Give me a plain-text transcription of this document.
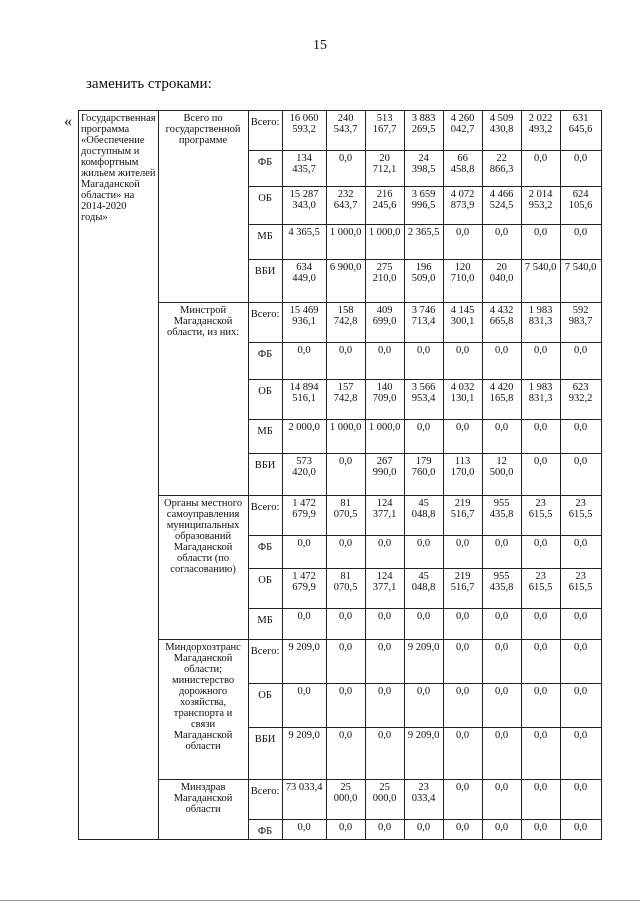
15
заменить строками:
« Государственная программа «Обеспечение доступным и комфортным жильем жителей Магаданской области» на 2014-2020 годы»	Всего по государственной программе	Всего:	16 060 593,2	240 543,7	513 167,7	3 883 269,5	4 260 042,7	4 509 430,8	2 022 493,2	631 645,6

		ФБ	134 435,7	0,0	20 712,1	24 398,5	66 458,8	22 866,3	0,0	0,0

		ОБ	15 287 343,0	232 643,7	216 245,6	3 659 996,5	4 072 873,9	4 466 524,5	2 014 953,2	624 105,6

		МБ	4 365,5	1 000,0	1 000,0	2 365,5	0,0	0,0	0,0	0,0

		ВБИ	634 449,0	6 900,0	275 210,0	196 509,0	120 710,0	20 040,0	7 540,0	7 540,0

	Минстрой Магаданской области, из них:	Всего:	15 469 936,1	158 742,8	409 699,0	3 746 713,4	4 145 300,1	4 432 665,8	1 983 831,3	592 983,7

		ФБ	0,0	0,0	0,0	0,0	0,0	0,0	0,0	0,0

		ОБ	14 894 516,1	157 742,8	140 709,0	3 566 953,4	4 032 130,1	4 420 165,8	1 983 831,3	623 932,2

		МБ	2 000,0	1 000,0	1 000,0	0,0	0,0	0,0	0,0	0,0

		ВБИ	573 420,0	0,0	267 990,0	179 760,0	113 170,0	12 500,0	0,0	0,0

	Органы местного самоуправления муниципальных образований Магаданской области (по согласованию)	Всего:	1 472 679,9	81 070,5	124 377,1	45 048,8	219 516,7	955 435,8	23 615,5	23 615,5

		ФБ	0,0	0,0	0,0	0,0	0,0	0,0	0,0	0,0

		ОБ	1 472 679,9	81 070,5	124 377,1	45 048,8	219 516,7	955 435,8	23 615,5	23 615,5

		МБ	0,0	0,0	0,0	0,0	0,0	0,0	0,0	0,0

	Миндорхозтранс Магаданской области; министерство дорожного хозяйства, транспорта и связи Магаданской области	Всего:	9 209,0	0,0	0,0	9 209,0	0,0	0,0	0,0	0,0

		ОБ	0,0	0,0	0,0	0,0	0,0	0,0	0,0	0,0

		ВБИ	9 209,0	0,0	0,0	9 209,0	0,0	0,0	0,0	0,0

	Минздрав Магаданской области	Всего:	73 033,4	25 000,0	25 000,0	23 033,4	0,0	0,0	0,0	0,0

		ФБ	0,0	0,0	0,0	0,0	0,0	0,0	0,0	0,0
